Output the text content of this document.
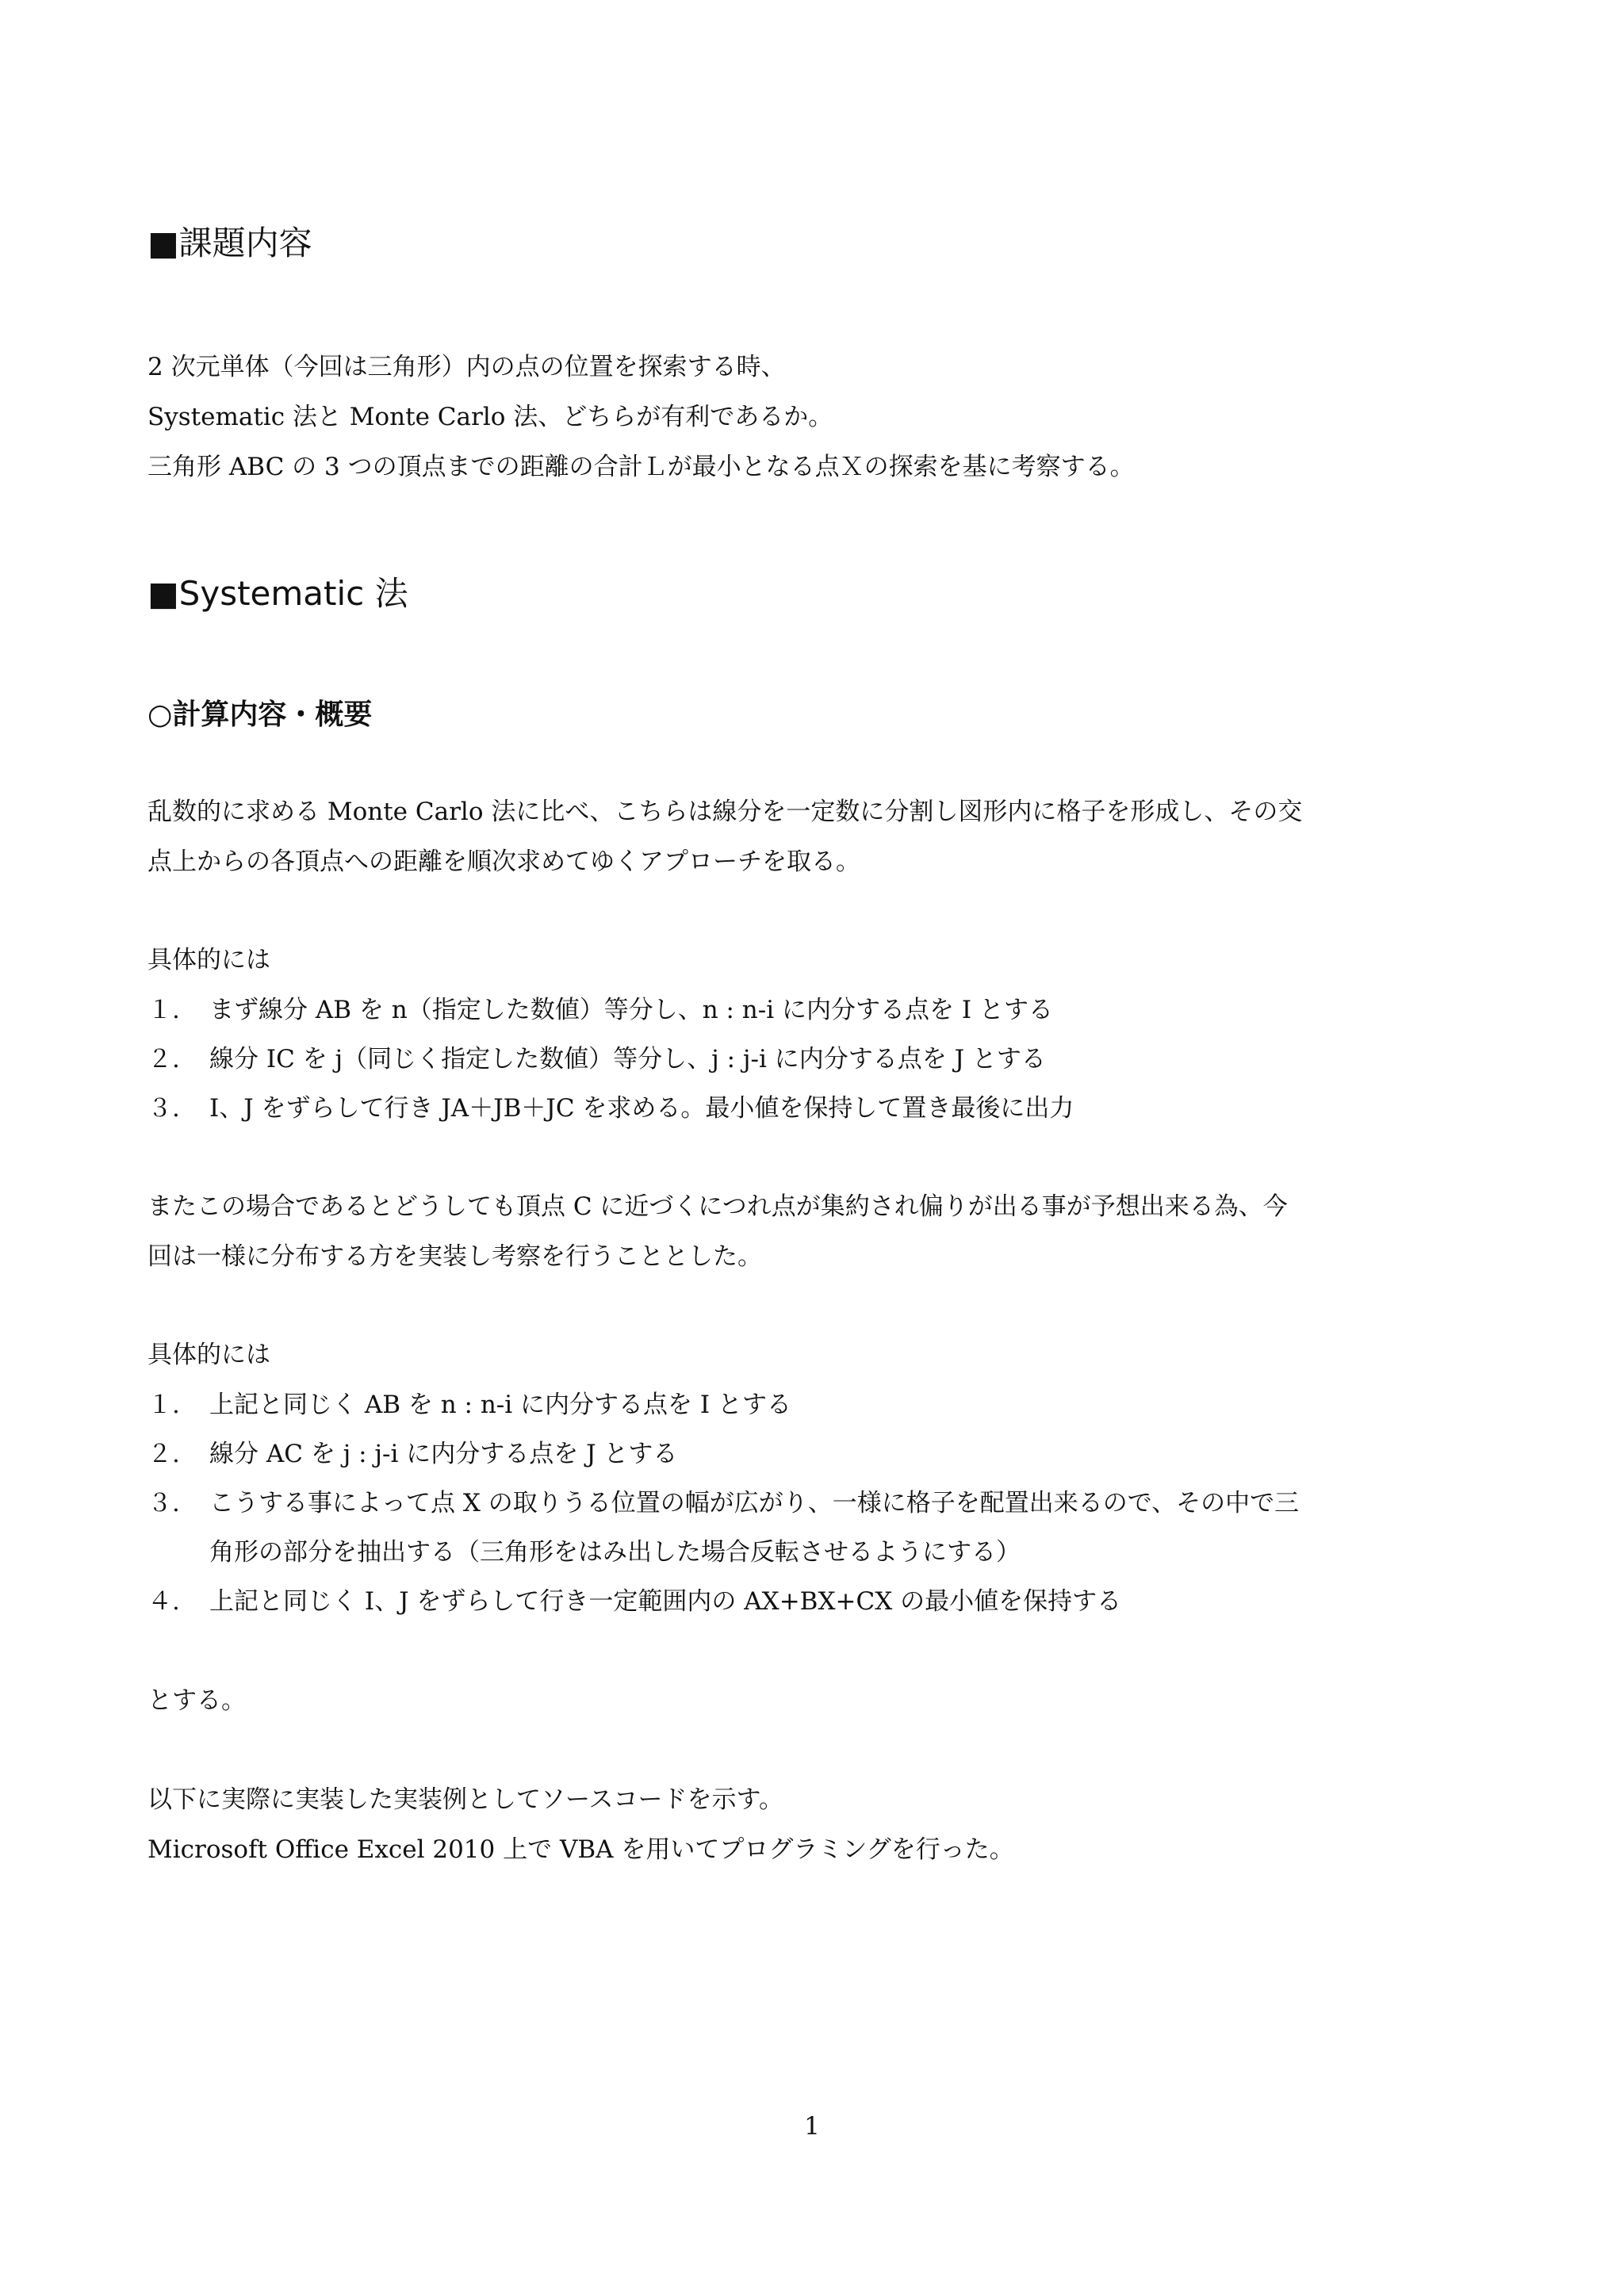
■課題内容
2 次元単体（今回は三角形）内の点の位置を探索する時、
Systematic 法と Monte Carlo 法、どちらが有利であるか。
三角形 ABC の 3 つの頂点までの距離の合計Ｌが最小となる点Ｘの探索を基に考察する。
■Systematic 法
○計算内容・概要
乱数的に求める Monte Carlo 法に比べ、こちらは線分を一定数に分割し図形内に格子を形成し、その交
点上からの各頂点への距離を順次求めてゆくアプローチを取る。
具体的には
１. まず線分 AB を n（指定した数値）等分し、n : n-i に内分する点を I とする
２. 線分 IC を j（同じく指定した数値）等分し、j : j-i に内分する点を J とする
３. I、J をずらして行き JA＋JB＋JC を求める。最小値を保持して置き最後に出力
またこの場合であるとどうしても頂点 C に近づくにつれ点が集約され偏りが出る事が予想出来る為、今
回は一様に分布する方を実装し考察を行うこととした。
具体的には
１. 上記と同じく AB を n : n-i に内分する点を I とする
２. 線分 AC を j : j-i に内分する点を J とする
３. こうする事によって点 X の取りうる位置の幅が広がり、一様に格子を配置出来るので、その中で三
角形の部分を抽出する（三角形をはみ出した場合反転させるようにする）
４. 上記と同じく I、J をずらして行き一定範囲内の AX+BX+CX の最小値を保持する
とする。
以下に実際に実装した実装例としてソースコードを示す。
Microsoft Office Excel 2010 上で VBA を用いてプログラミングを行った。
1
